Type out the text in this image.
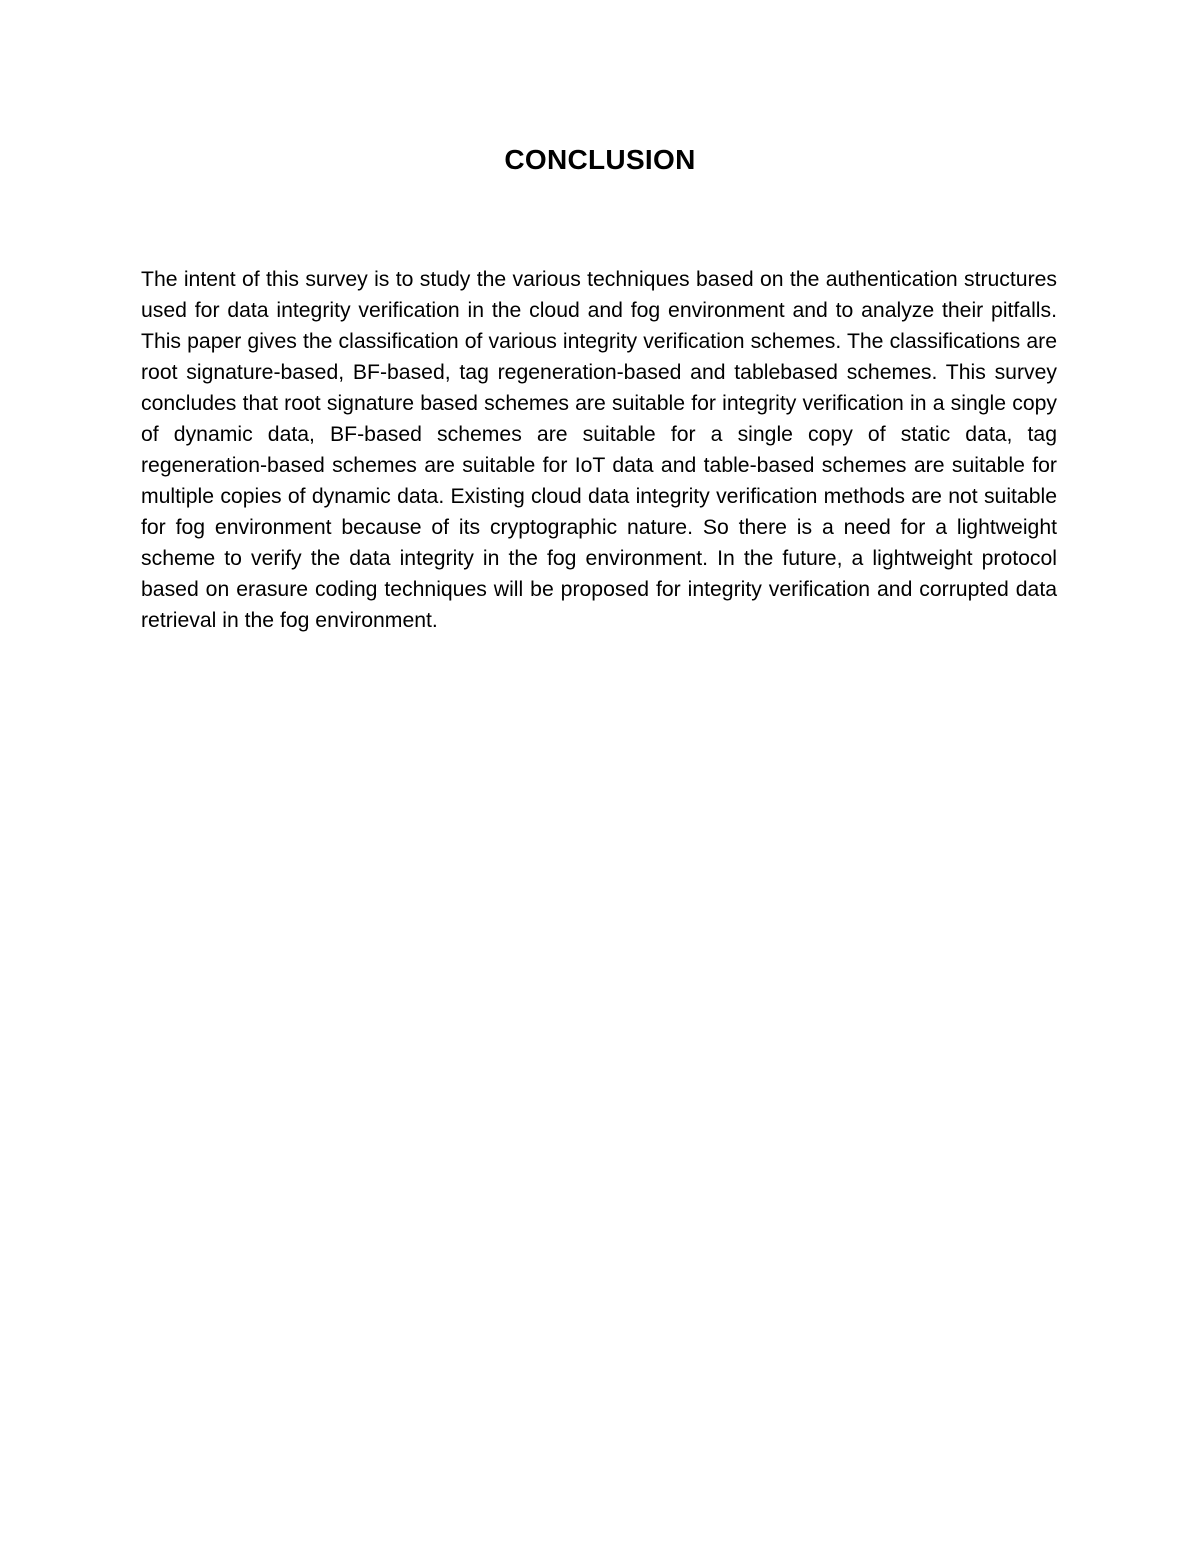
CONCLUSION

The intent of this survey is to study the various techniques based on the authentication structures used for data integrity verification in the cloud and fog environment and to analyze their pitfalls. This paper gives the classification of various integrity verification schemes. The classifications are root signature-based, BF-based, tag regeneration-based and tablebased schemes. This survey concludes that root signature based schemes are suitable for integrity verification in a single copy of dynamic data, BF-based schemes are suitable for a single copy of static data, tag regeneration-based schemes are suitable for IoT data and table-based schemes are suitable for multiple copies of dynamic data. Existing cloud data integrity verification methods are not suitable for fog environment because of its cryptographic nature. So there is a need for a lightweight scheme to verify the data integrity in the fog environment. In the future, a lightweight protocol based on erasure coding techniques will be proposed for integrity verification and corrupted data retrieval in the fog environment.
